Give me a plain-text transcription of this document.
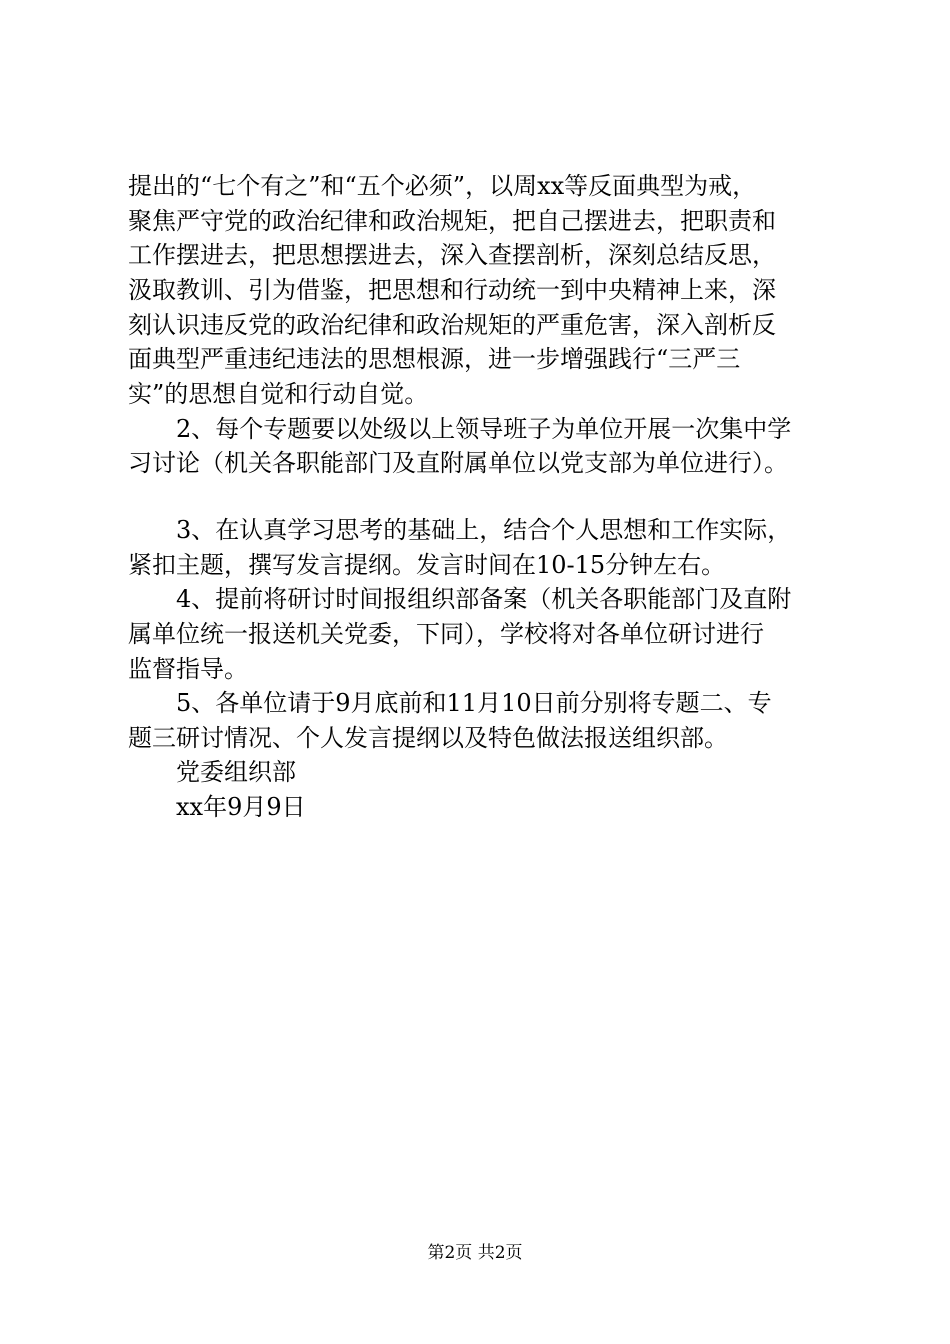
提出的“七个有之”和“五个必须”，以周xx等反面典型为戒，
聚焦严守党的政治纪律和政治规矩，把自己摆进去，把职责和
工作摆进去，把思想摆进去，深入查摆剖析，深刻总结反思，
汲取教训、引为借鉴，把思想和行动统一到中央精神上来，深
刻认识违反党的政治纪律和政治规矩的严重危害，深入剖析反
面典型严重违纪违法的思想根源，进一步增强践行“三严三
实”的思想自觉和行动自觉。
2、每个专题要以处级以上领导班子为单位开展一次集中学
习讨论（机关各职能部门及直附属单位以党支部为单位进行）。
3、在认真学习思考的基础上，结合个人思想和工作实际，
紧扣主题，撰写发言提纲。发言时间在10-15分钟左右。
4、提前将研讨时间报组织部备案（机关各职能部门及直附
属单位统一报送机关党委，下同），学校将对各单位研讨进行
监督指导。
5、各单位请于9月底前和11月10日前分别将专题二、专
题三研讨情况、个人发言提纲以及特色做法报送组织部。
党委组织部
xx年9月9日
第2页 共2页
